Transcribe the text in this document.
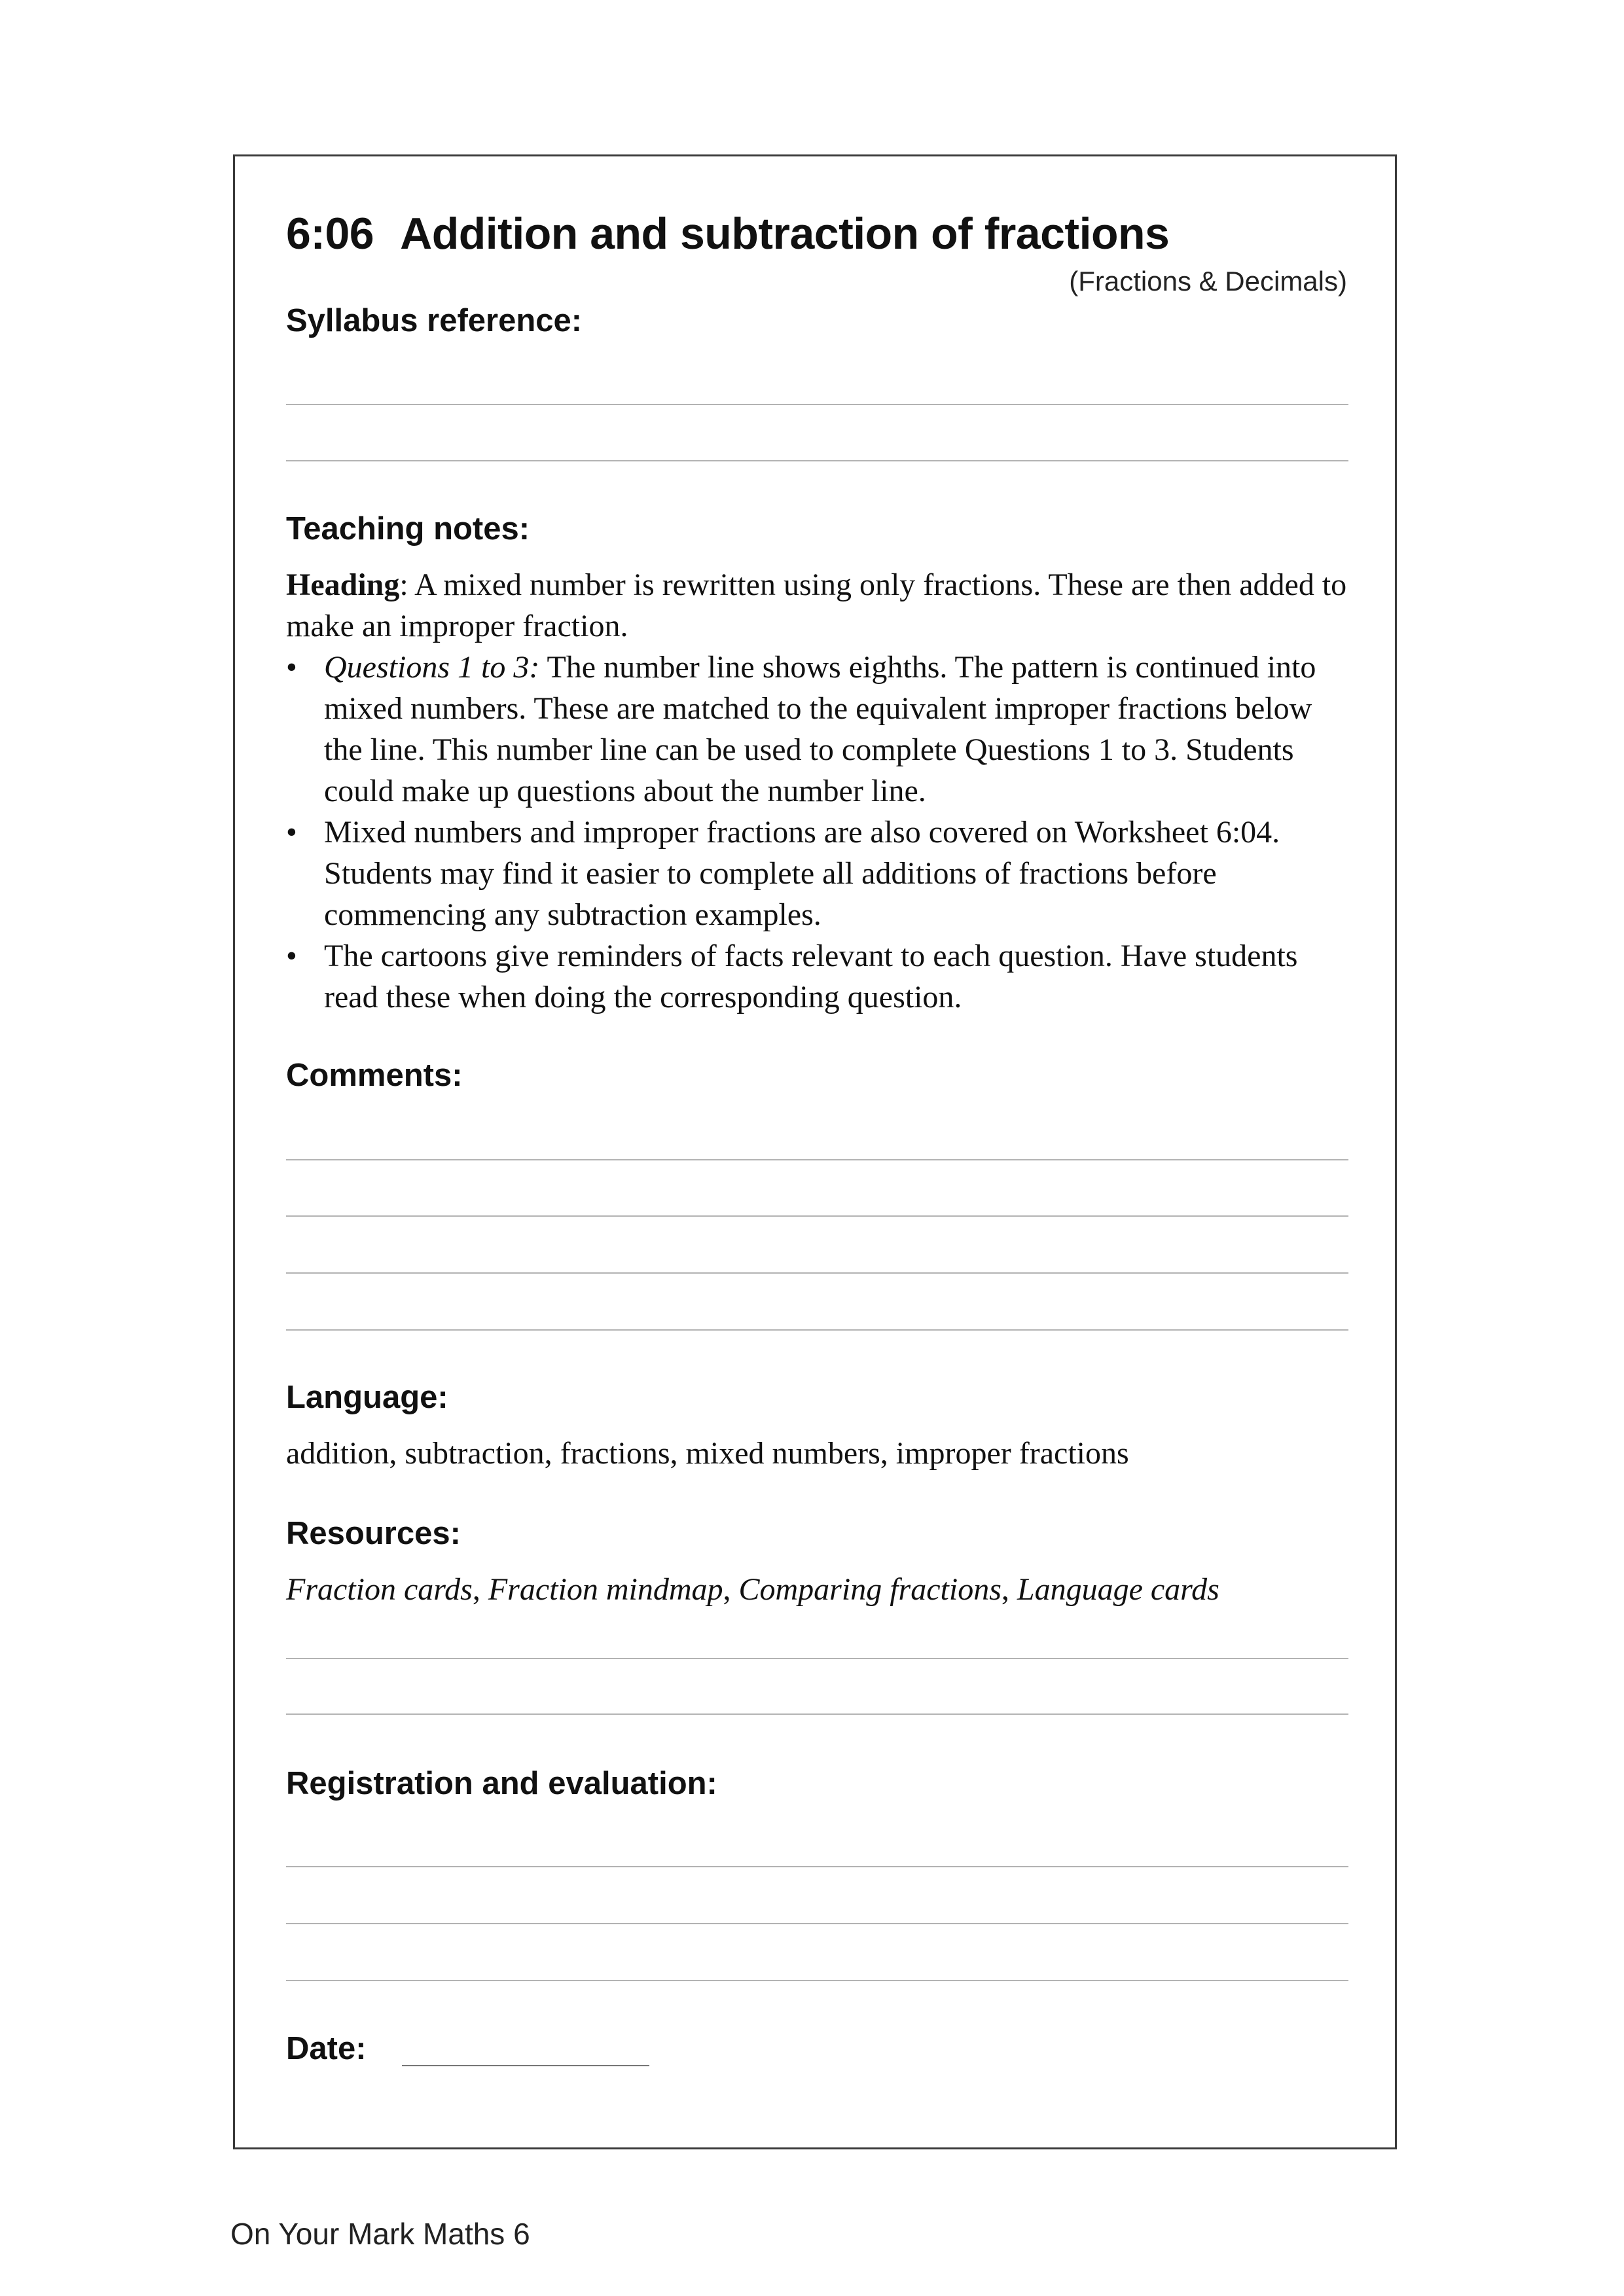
6:06 Addition and subtraction of fractions
(Fractions & Decimals)
Syllabus reference:
Teaching notes:

Heading: A mixed number is rewritten using only fractions. These are then added to make an improper fraction.

• Questions 1 to 3: The number line shows eighths. The pattern is continued into mixed numbers. These are matched to the equivalent improper fractions below the line. This number line can be used to complete Questions 1 to 3. Students could make up questions about the number line.
• Mixed numbers and improper fractions are also covered on Worksheet 6:04. Students may find it easier to complete all additions of fractions before commencing any subtraction examples.
• The cartoons give reminders of facts relevant to each question. Have students read these when doing the corresponding question.
Comments:
Language:
addition, subtraction, fractions, mixed numbers, improper fractions
Resources:
Fraction cards, Fraction mindmap, Comparing fractions, Language cards
Registration and evaluation:
Date:
On Your Mark Maths 6
